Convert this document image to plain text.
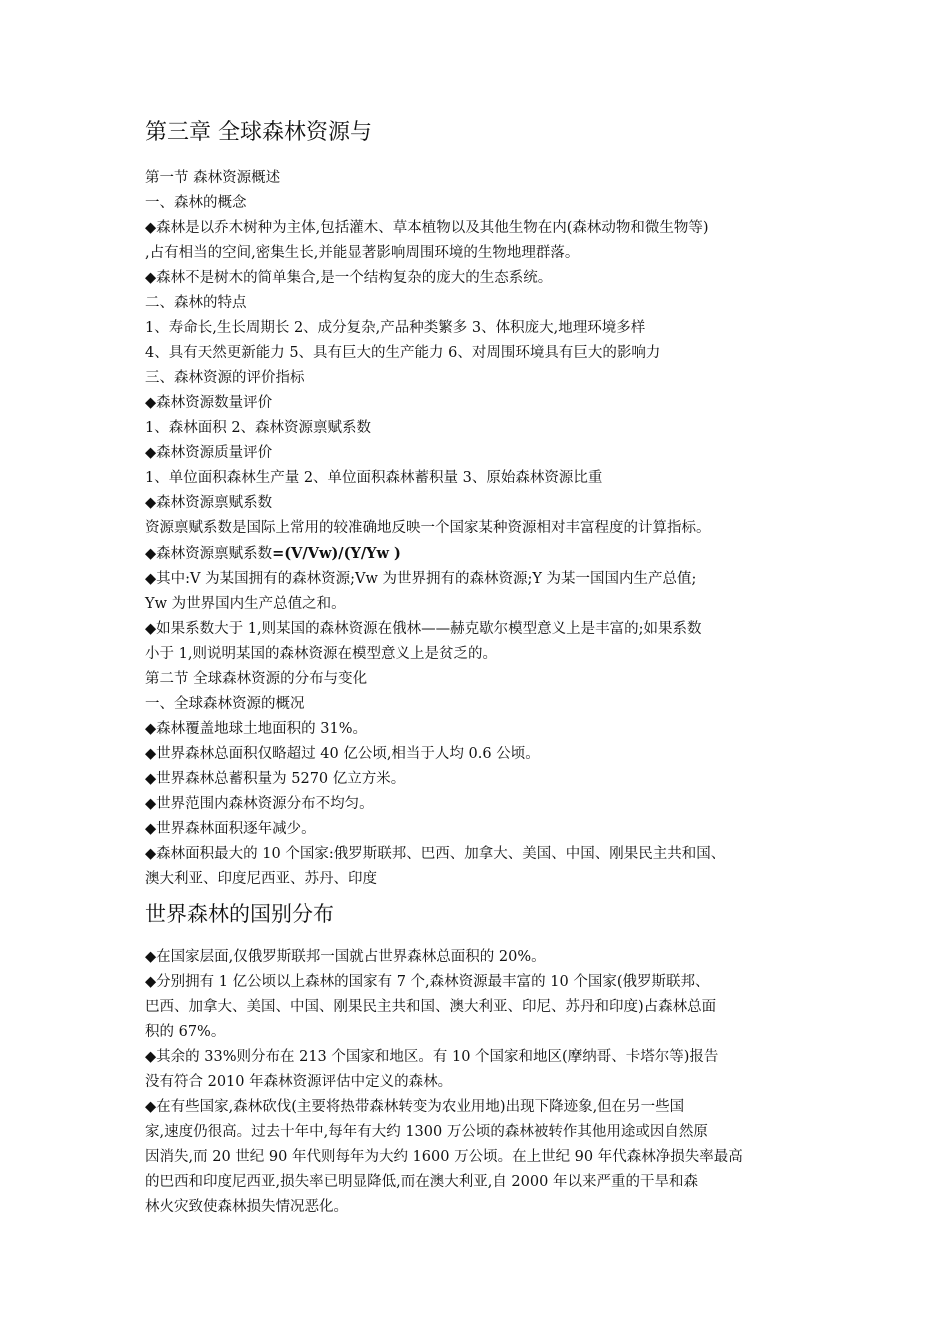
第三章 全球森林资源与
第一节 森林资源概述
一、森林的概念
◆森林是以乔木树种为主体,包括灌木、草本植物以及其他生物在内(森林动物和微生物等)
,占有相当的空间,密集生长,并能显著影响周围环境的生物地理群落。
◆森林不是树木的简单集合,是一个结构复杂的庞大的生态系统。
二、森林的特点
1、寿命长,生长周期长 2、成分复杂,产品种类繁多 3、体积庞大,地理环境多样
4、具有天然更新能力 5、具有巨大的生产能力 6、对周围环境具有巨大的影响力
三、森林资源的评价指标
◆森林资源数量评价
1、森林面积 2、森林资源禀赋系数
◆森林资源质量评价
1、单位面积森林生产量 2、单位面积森林蓄积量 3、原始森林资源比重
◆森林资源禀赋系数
资源禀赋系数是国际上常用的较准确地反映一个国家某种资源相对丰富程度的计算指标。
◆森林资源禀赋系数=(V/Vw)/(Y/Yw )
◆其中:V 为某国拥有的森林资源;Vw 为世界拥有的森林资源;Y 为某一国国内生产总值;
Yw 为世界国内生产总值之和。
◆如果系数大于 1,则某国的森林资源在俄林——赫克歇尔模型意义上是丰富的;如果系数
小于 1,则说明某国的森林资源在模型意义上是贫乏的。
第二节 全球森林资源的分布与变化
一、全球森林资源的概况
◆森林覆盖地球土地面积的 31%。
◆世界森林总面积仅略超过 40 亿公顷,相当于人均 0.6 公顷。
◆世界森林总蓄积量为 5270 亿立方米。
◆世界范围内森林资源分布不均匀。
◆世界森林面积逐年减少。
◆森林面积最大的 10 个国家:俄罗斯联邦、巴西、加拿大、美国、中国、刚果民主共和国、
澳大利亚、印度尼西亚、苏丹、印度
世界森林的国别分布
◆在国家层面,仅俄罗斯联邦一国就占世界森林总面积的 20%。
◆分别拥有 1 亿公顷以上森林的国家有 7 个,森林资源最丰富的 10 个国家(俄罗斯联邦、
巴西、加拿大、美国、中国、刚果民主共和国、澳大利亚、印尼、苏丹和印度)占森林总面
积的 67%。
◆其余的 33%则分布在 213 个国家和地区。有 10 个国家和地区(摩纳哥、卡塔尔等)报告
没有符合 2010 年森林资源评估中定义的森林。
◆在有些国家,森林砍伐(主要将热带森林转变为农业用地)出现下降迹象,但在另一些国
家,速度仍很高。过去十年中,每年有大约 1300 万公顷的森林被转作其他用途或因自然原
因消失,而 20 世纪 90 年代则每年为大约 1600 万公顷。在上世纪 90 年代森林净损失率最高
的巴西和印度尼西亚,损失率已明显降低,而在澳大利亚,自 2000 年以来严重的干旱和森
林火灾致使森林损失情况恶化。
